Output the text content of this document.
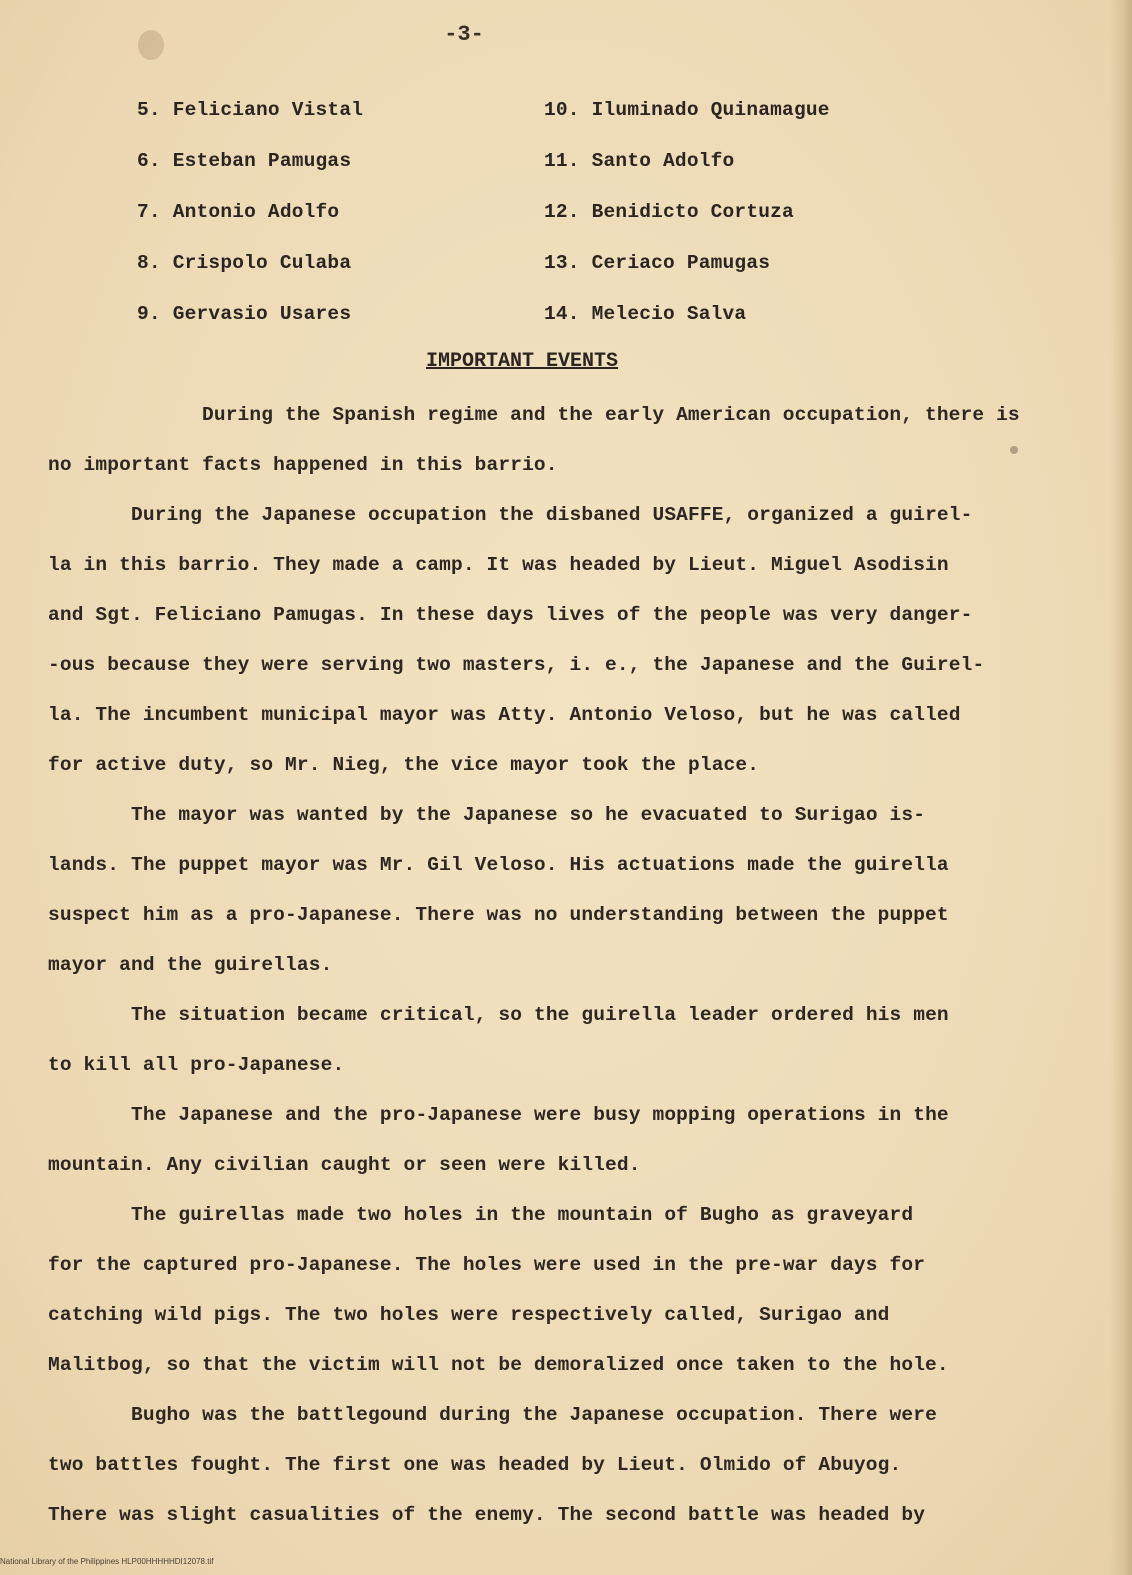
-3-
5. Feliciano Vistal
6. Esteban Pamugas
7. Antonio Adolfo
8. Crispolo Culaba
9. Gervasio Usares
10. Iluminado Quinamague
11. Santo Adolfo
12. Benidicto Cortuza
13. Ceriaco Pamugas
14. Melecio Salva
IMPORTANT EVENTS
During the Spanish regime and the early American occupation, there is
no important facts happened in this barrio.
During the Japanese occupation the disbaned USAFFE, organized a guirel-
la in this barrio. They made a camp. It was headed by Lieut. Miguel Asodisin
and Sgt. Feliciano Pamugas. In these days lives of the people was very danger-
-ous because they were serving two masters, i. e., the Japanese and the Guirel-
la. The incumbent municipal mayor was Atty. Antonio Veloso, but he was called
for active duty, so Mr. Nieg, the vice mayor took the place.
The mayor was wanted by the Japanese so he evacuated to Surigao is-
lands. The puppet mayor was Mr. Gil Veloso. His actuations made the guirella
suspect him as a pro-Japanese. There was no understanding between the puppet
mayor and the guirellas.
The situation became critical, so the guirella leader ordered his men
to kill all pro-Japanese.
The Japanese and the pro-Japanese were busy mopping operations in the
mountain. Any civilian caught or seen were killed.
The guirellas made two holes in the mountain of Bugho as graveyard
for the captured pro-Japanese. The holes were used in the pre-war days for
catching wild pigs. The two holes were respectively called, Surigao and
Malitbog, so that the victim will not be demoralized once taken to the hole.
Bugho was the battlegound during the Japanese occupation. There were
two battles fought. The first one was headed by Lieut. Olmido of Abuyog.
There was slight casualities of the enemy. The second battle was headed by
National Library of the Philippines HLP00HHHHHDI12078.tif
